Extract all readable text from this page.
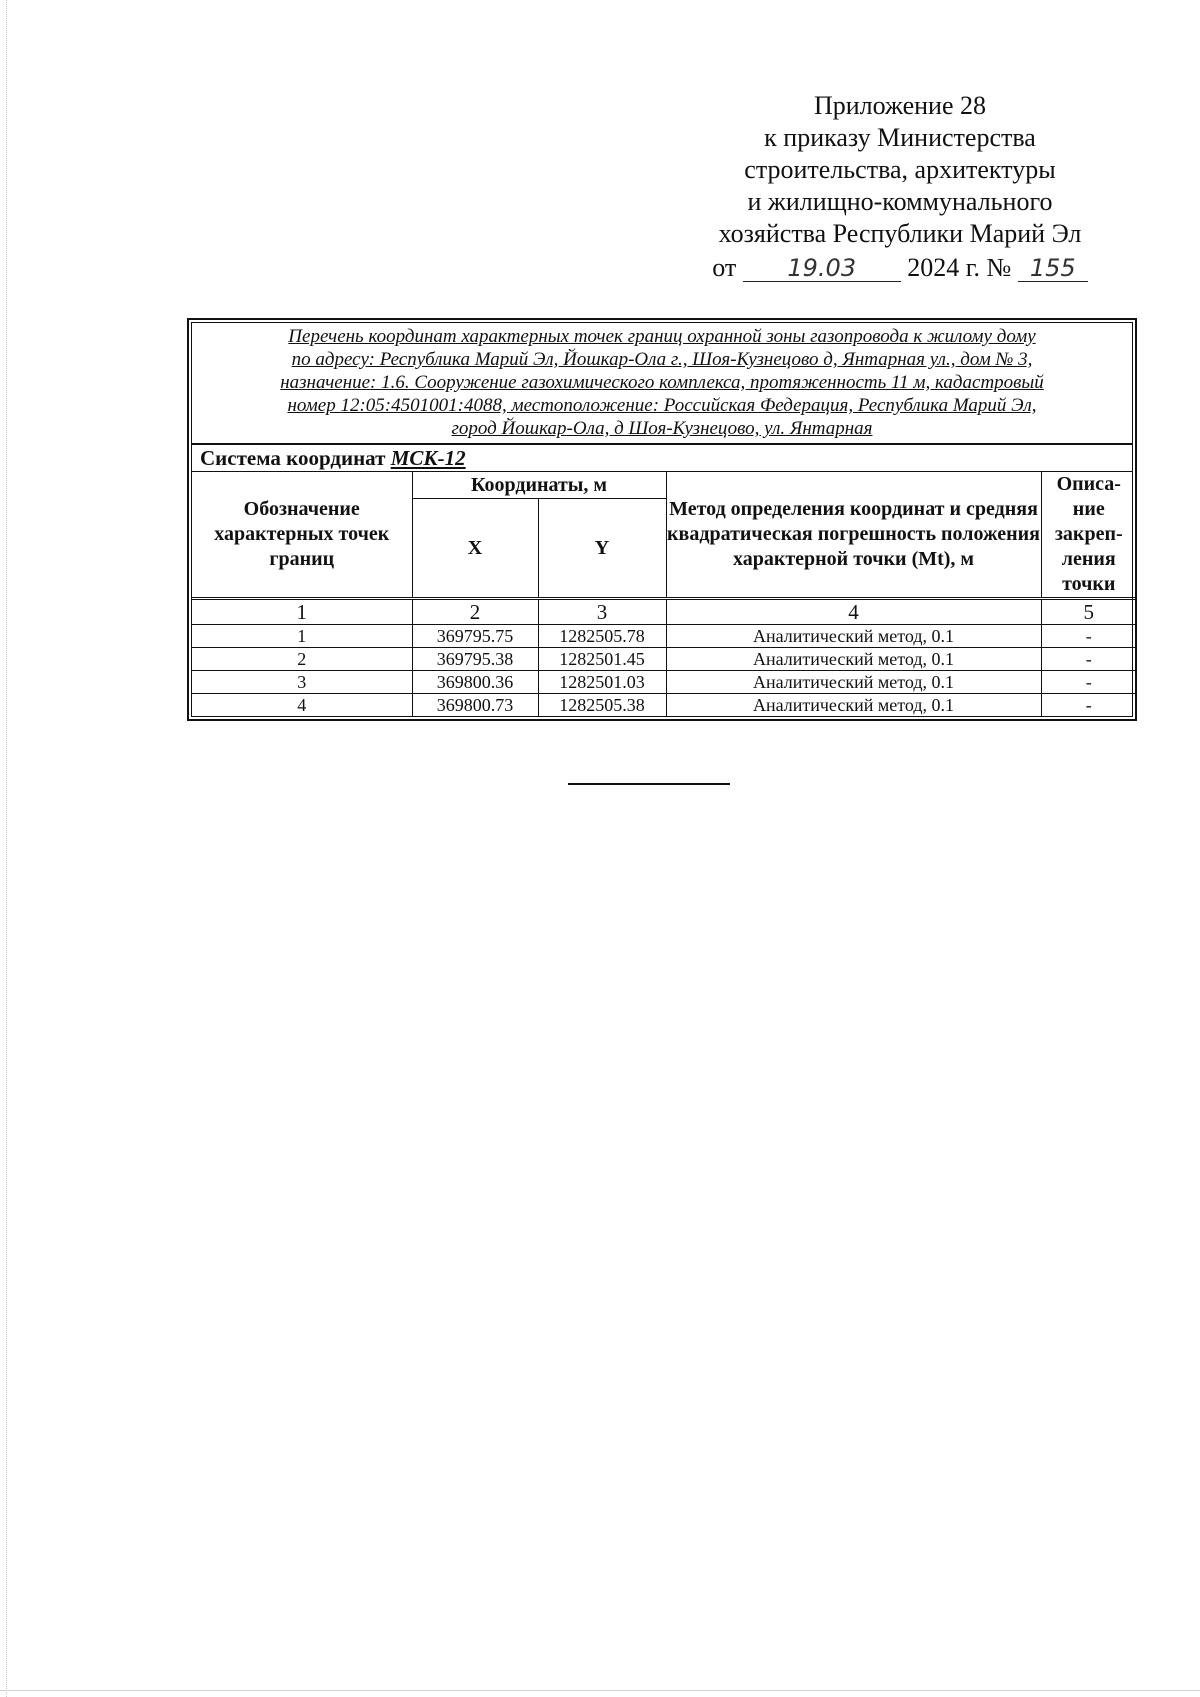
Приложение 28
к приказу Министерства
строительства, архитектуры
и жилищно-коммунального
хозяйства Республики Марий Эл
от 19.03 2024 г. № 155
Перечень координат характерных точек границ охранной зоны газопровода к жилому дому
по адресу: Республика Марий Эл, Йошкар-Ола г., Шоя-Кузнецово д, Янтарная ул., дом № 3,
назначение: 1.6. Сооружение газохимического комплекса, протяженность 11 м, кадастровый
номер 12:05:4501001:4088, местоположение: Российская Федерация, Республика Марий Эл,
город Йошкар-Ола, д Шоя-Кузнецово, ул. Янтарная
Система координат МСК-12
Обозначение характерных точек границ	Координаты, м		Метод определения координат и средняя квадратическая погрешность положения характерной точки (Mt), м	Описа-
ние
закреп-
ления
точки

	X	Y		
1	2	3	4	5
1	369795.75	1282505.78	Аналитический метод, 0.1	-
2	369795.38	1282501.45	Аналитический метод, 0.1	-
3	369800.36	1282501.03	Аналитический метод, 0.1	-
4	369800.73	1282505.38	Аналитический метод, 0.1	-
